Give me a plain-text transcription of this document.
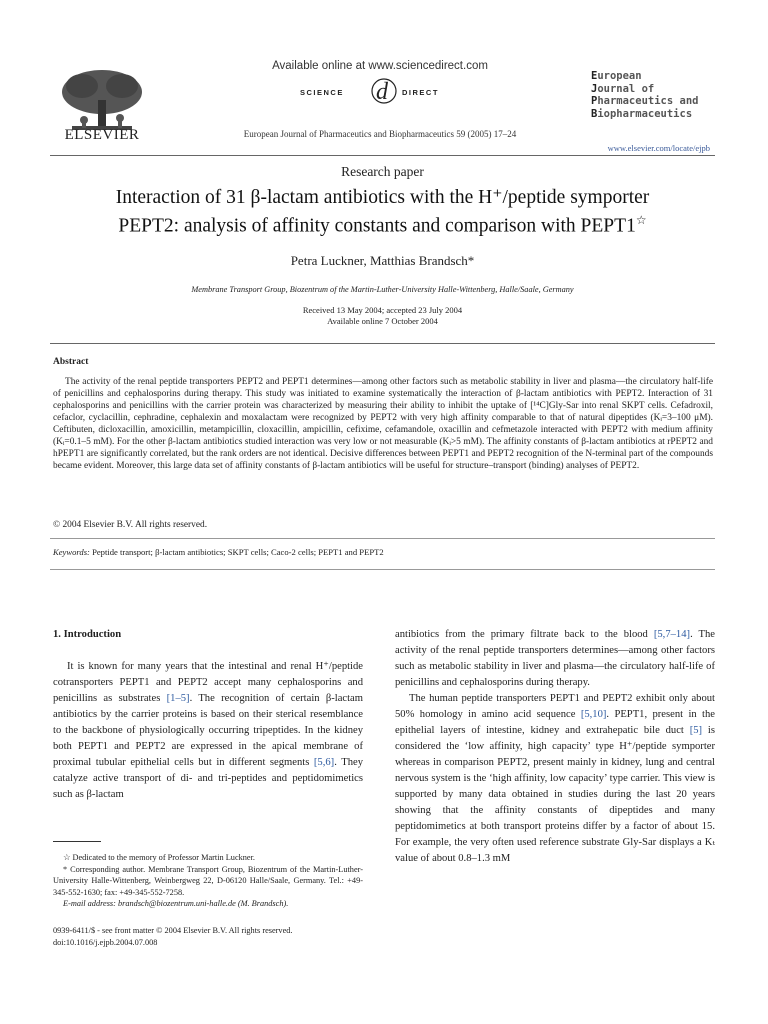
ELSEVIER
Available online at www.sciencedirect.com
SCIENCE d DIRECT
European Journal of Pharmaceutics and Biopharmaceutics 59 (2005) 17–24
European
Journal of
Pharmaceutics and
Biopharmaceutics
www.elsevier.com/locate/ejpb
Research paper
Interaction of 31 β-lactam antibiotics with the H⁺/peptide symporter
PEPT2: analysis of affinity constants and comparison with PEPT1☆
Petra Luckner, Matthias Brandsch*
Membrane Transport Group, Biozentrum of the Martin-Luther-University Halle-Wittenberg, Halle/Saale, Germany
Received 13 May 2004; accepted 23 July 2004
Available online 7 October 2004
Abstract
The activity of the renal peptide transporters PEPT2 and PEPT1 determines—among other factors such as metabolic stability in liver and plasma—the circulatory half-life of penicillins and cephalosporins during therapy. This study was initiated to examine systematically the interaction of β-lactam antibiotics with PEPT2. Interaction of 31 cephalosporins and penicillins with the carrier protein was characterized by measuring their ability to inhibit the uptake of [¹⁴C]Gly-Sar into renal SKPT cells. Cefadroxil, cefaclor, cyclacillin, cephradine, cephalexin and moxalactam were recognized by PEPT2 with very high affinity comparable to that of natural dipeptides (Kᵢ=3–100 μM). Ceftibuten, dicloxacillin, amoxicillin, metampicillin, cloxacillin, ampicillin, cefixime, cefamandole, oxacillin and cefmetazole interacted with PEPT2 with medium affinity (Kᵢ=0.1–5 mM). For the other β-lactam antibiotics studied interaction was very low or not measurable (Kᵢ>5 mM). The affinity constants of β-lactam antibiotics at rPEPT2 and hPEPT1 are significantly correlated, but the rank orders are not identical. Decisive differences between PEPT1 and PEPT2 recognition of the N-terminal part of the compounds became evident. Moreover, this large data set of affinity constants of β-lactam antibiotics will be useful for structure–transport (binding) analyses of PEPT2.
© 2004 Elsevier B.V. All rights reserved.
Keywords: Peptide transport; β-lactam antibiotics; SKPT cells; Caco-2 cells; PEPT1 and PEPT2
1. Introduction

It is known for many years that the intestinal and renal H⁺/peptide cotransporters PEPT1 and PEPT2 accept many cephalosporins and penicillins as substrates [1–5]. The recognition of certain β-lactam antibiotics by the carrier proteins is based on their sterical resemblance to the backbone of physiologically occurring tripeptides. In the kidney both PEPT1 and PEPT2 are expressed in the apical membrane of proximal tubular epithelial cells but in different segments [5,6]. They catalyze active transport of di- and tri-peptides and peptidomimetics such as β-lactam

☆ Dedicated to the memory of Professor Martin Luckner.

* Corresponding author. Membrane Transport Group, Biozentrum of the Martin-Luther-University Halle-Wittenberg, Weinbergweg 22, D-06120 Halle/Saale, Germany. Tel.: +49-345-552-1630; fax: +49-345-552-7258.

E-mail address: brandsch@biozentrum.uni-halle.de (M. Brandsch).

0939-6411/$ - see front matter © 2004 Elsevier B.V. All rights reserved.
doi:10.1016/j.ejpb.2004.07.008

antibiotics from the primary filtrate back to the blood [5,7–14]. The activity of the renal peptide transporters determines—among other factors such as metabolic stability in liver and plasma—the circulatory half-life of penicillins and cephalosporins during therapy.

The human peptide transporters PEPT1 and PEPT2 exhibit only about 50% homology in amino acid sequence [5,10]. PEPT1, present in the epithelial layers of intestine, kidney and extrahepatic bile duct [5] is considered the ‘low affinity, high capacity’ type H⁺/peptide symporter whereas in comparison PEPT2, present mainly in kidney, lung and central nervous system is the ‘high affinity, low capacity’ type carrier. This view is supported by many data obtained in studies during the last 20 years showing that the affinity constants of dipeptides and many peptidomimetics at both transport proteins differ by a factor of about 15. For example, the very often used reference substrate Gly-Sar displays a Kₜ value of about 0.8–1.3 mM
